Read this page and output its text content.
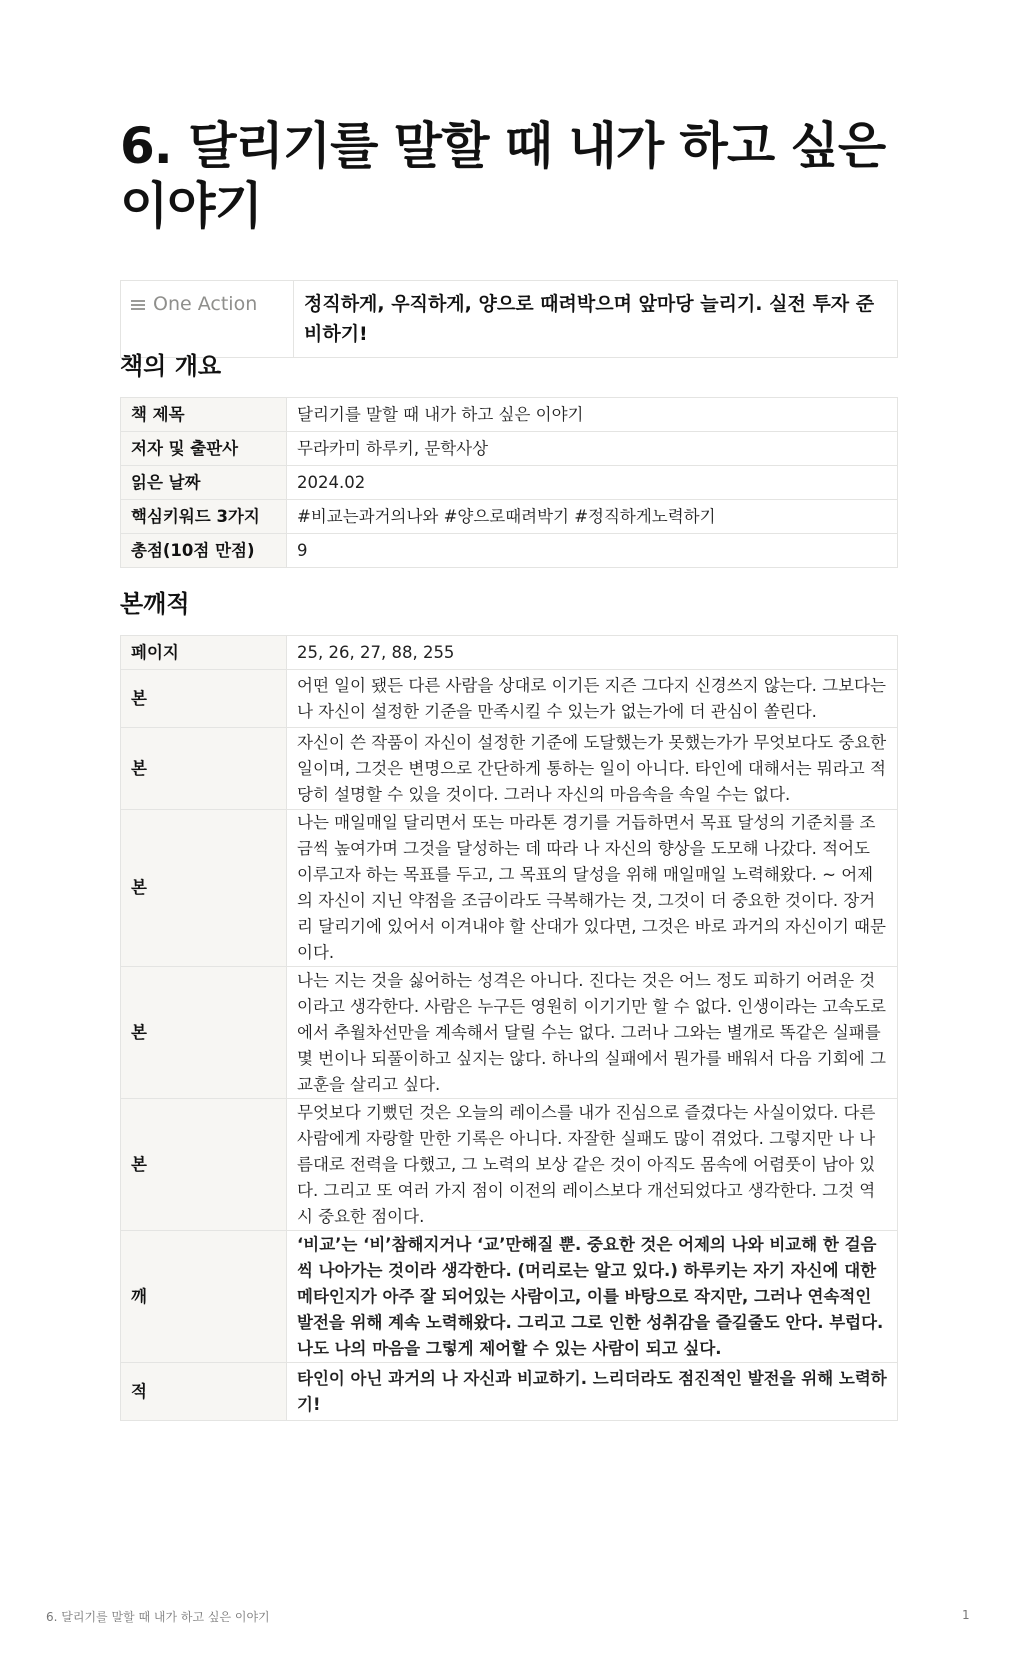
6. 달리기를 말할 때 내가 하고 싶은 이야기
One Action	정직하게, 우직하게, 양으로 때려박으며 앞마당 늘리기. 실전 투자 준비하기!
책의 개요
책 제목	달리기를 말할 때 내가 하고 싶은 이야기
저자 및 출판사	무라카미 하루키, 문학사상
읽은 날짜	2024.02
핵심키워드 3가지	#비교는과거의나와 #양으로때려박기 #정직하게노력하기
총점(10점 만점)	9
본깨적
페이지	25, 26, 27, 88, 255
본	어떤 일이 됐든 다른 사람을 상대로 이기든 지즌 그다지 신경쓰지 않는다. 그보다는 나 자신이 설정한 기준을 만족시킬 수 있는가 없는가에 더 관심이 쏠린다.
본	자신이 쓴 작품이 자신이 설정한 기준에 도달했는가 못했는가가 무엇보다도 중요한 일이며, 그것은 변명으로 간단하게 통하는 일이 아니다. 타인에 대해서는 뭐라고 적당히 설명할 수 있을 것이다. 그러나 자신의 마음속을 속일 수는 없다.
본	나는 매일매일 달리면서 또는 마라톤 경기를 거듭하면서 목표 달성의 기준치를 조금씩 높여가며 그것을 달성하는 데 따라 나 자신의 향상을 도모해 나갔다. 적어도 이루고자 하는 목표를 두고, 그 목표의 달성을 위해 매일매일 노력해왔다. ~ 어제의 자신이 지닌 약점을 조금이라도 극복해가는 것, 그것이 더 중요한 것이다. 장거리 달리기에 있어서 이겨내야 할 산대가 있다면, 그것은 바로 과거의 자신이기 때문이다.
본	나는 지는 것을 싫어하는 성격은 아니다. 진다는 것은 어느 정도 피하기 어려운 것이라고 생각한다. 사람은 누구든 영원히 이기기만 할 수 없다. 인생이라는 고속도로에서 추월차선만을 계속해서 달릴 수는 없다. 그러나 그와는 별개로 똑같은 실패를 몇 번이나 되풀이하고 싶지는 않다. 하나의 실패에서 뭔가를 배워서 다음 기회에 그 교훈을 살리고 싶다.
본	무엇보다 기뻤던 것은 오늘의 레이스를 내가 진심으로 즐겼다는 사실이었다. 다른 사람에게 자랑할 만한 기록은 아니다. 자잘한 실패도 많이 겪었다. 그렇지만 나 나름대로 전력을 다했고, 그 노력의 보상 같은 것이 아직도 몸속에 어렴풋이 남아 있다. 그리고 또 여러 가지 점이 이전의 레이스보다 개선되었다고 생각한다. 그것 역시 중요한 점이다.
깨	‘비교’는 ‘비’참해지거나 ‘교’만해질 뿐. 중요한 것은 어제의 나와 비교해 한 걸음씩 나아가는 것이라 생각한다. (머리로는 알고 있다.) 하루키는 자기 자신에 대한 메타인지가 아주 잘 되어있는 사람이고, 이를 바탕으로 작지만, 그러나 연속적인 발전을 위해 계속 노력해왔다. 그리고 그로 인한 성취감을 즐길줄도 안다. 부럽다. 나도 나의 마음을 그렇게 제어할 수 있는 사람이 되고 싶다.
적	타인이 아닌 과거의 나 자신과 비교하기. 느리더라도 점진적인 발전을 위해 노력하기!
6. 달리기를 말할 때 내가 하고 싶은 이야기	1
